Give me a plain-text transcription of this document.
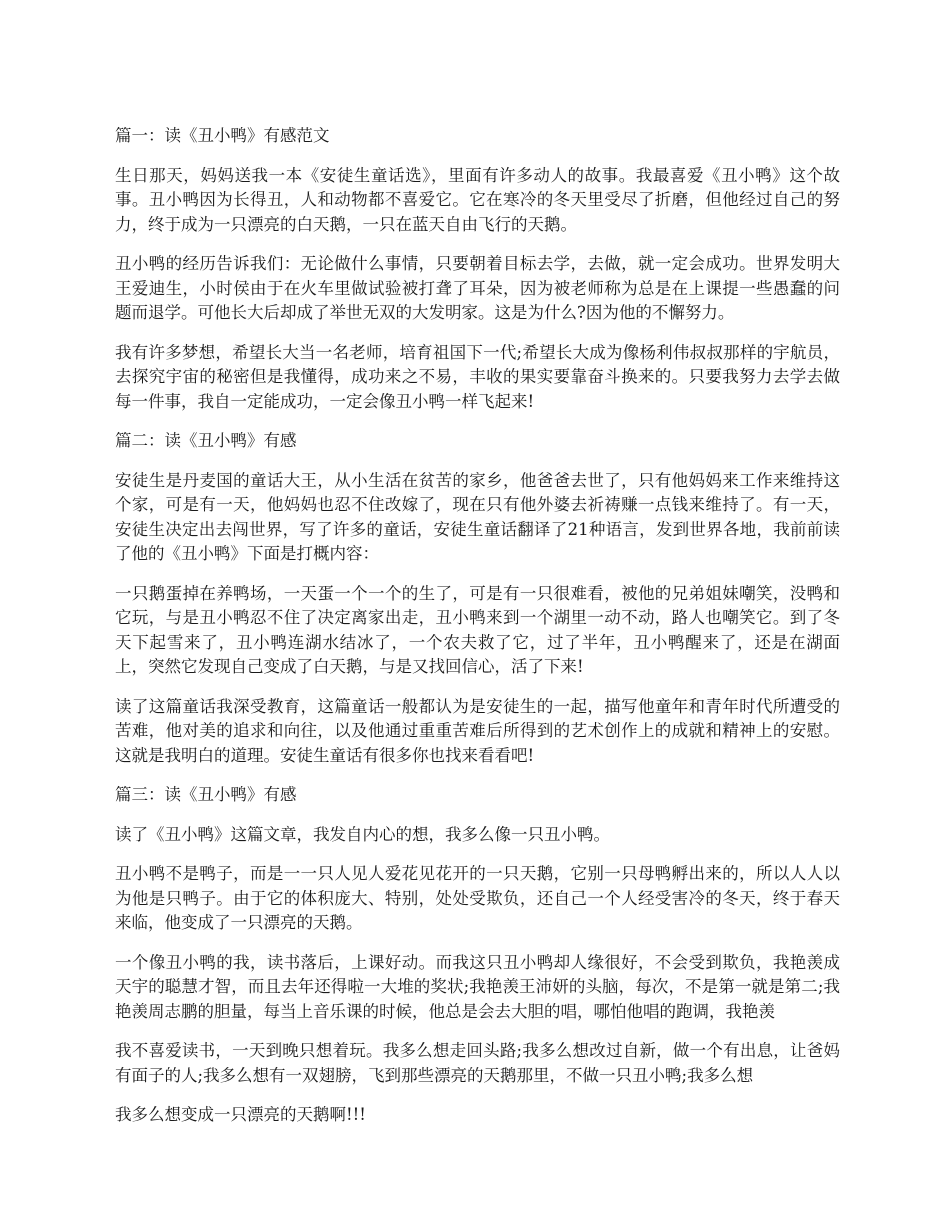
篇一：读《丑小鸭》有感范文

生日那天，妈妈送我一本《安徒生童话选》，里面有许多动人的故事。我最喜爱《丑小鸭》这个故事。丑小鸭因为长得丑，人和动物都不喜爱它。它在寒冷的冬天里受尽了折磨，但他经过自己的努力，终于成为一只漂亮的白天鹅，一只在蓝天自由飞行的天鹅。

丑小鸭的经历告诉我们：无论做什么事情，只要朝着目标去学，去做，就一定会成功。世界发明大王爱迪生，小时侯由于在火车里做试验被打聋了耳朵，因为被老师称为总是在上课提一些愚蠢的问题而退学。可他长大后却成了举世无双的大发明家。这是为什么?因为他的不懈努力。

我有许多梦想，希望长大当一名老师，培育祖国下一代;希望长大成为像杨利伟叔叔那样的宇航员，去探究宇宙的秘密但是我懂得，成功来之不易，丰收的果实要靠奋斗换来的。只要我努力去学去做每一件事，我自一定能成功，一定会像丑小鸭一样飞起来!

篇二：读《丑小鸭》有感

安徒生是丹麦国的童话大王，从小生活在贫苦的家乡，他爸爸去世了，只有他妈妈来工作来维持这个家，可是有一天，他妈妈也忍不住改嫁了，现在只有他外婆去祈祷赚一点钱来维持了。有一天，安徒生决定出去闯世界，写了许多的童话，安徒生童话翻译了21种语言，发到世界各地，我前前读了他的《丑小鸭》下面是打概内容：

一只鹅蛋掉在养鸭场，一天蛋一个一个的生了，可是有一只很难看，被他的兄弟姐妹嘲笑，没鸭和它玩，与是丑小鸭忍不住了决定离家出走，丑小鸭来到一个湖里一动不动，路人也嘲笑它。到了冬天下起雪来了，丑小鸭连湖水结冰了，一个农夫救了它，过了半年，丑小鸭醒来了，还是在湖面上，突然它发现自己变成了白天鹅，与是又找回信心，活了下来!

读了这篇童话我深受教育，这篇童话一般都认为是安徒生的一起，描写他童年和青年时代所遭受的苦难，他对美的追求和向往，以及他通过重重苦难后所得到的艺术创作上的成就和精神上的安慰。这就是我明白的道理。安徒生童话有很多你也找来看看吧!

篇三：读《丑小鸭》有感

读了《丑小鸭》这篇文章，我发自内心的想，我多么像一只丑小鸭。

丑小鸭不是鸭子，而是一一只人见人爱花见花开的一只天鹅，它别一只母鸭孵出来的，所以人人以为他是只鸭子。由于它的体积庞大、特别，处处受欺负，还自己一个人经受害冷的冬天，终于春天来临，他变成了一只漂亮的天鹅。

一个像丑小鸭的我，读书落后，上课好动。而我这只丑小鸭却人缘很好，不会受到欺负，我艳羡成天宇的聪慧才智，而且去年还得啦一大堆的奖状;我艳羡王沛妍的头脑，每次，不是第一就是第二;我艳羡周志鹏的胆量，每当上音乐课的时候，他总是会去大胆的唱，哪怕他唱的跑调，我艳羡

我不喜爱读书，一天到晚只想着玩。我多么想走回头路;我多么想改过自新，做一个有出息，让爸妈有面子的人;我多么想有一双翅膀，飞到那些漂亮的天鹅那里，不做一只丑小鸭;我多么想

我多么想变成一只漂亮的天鹅啊!!!
